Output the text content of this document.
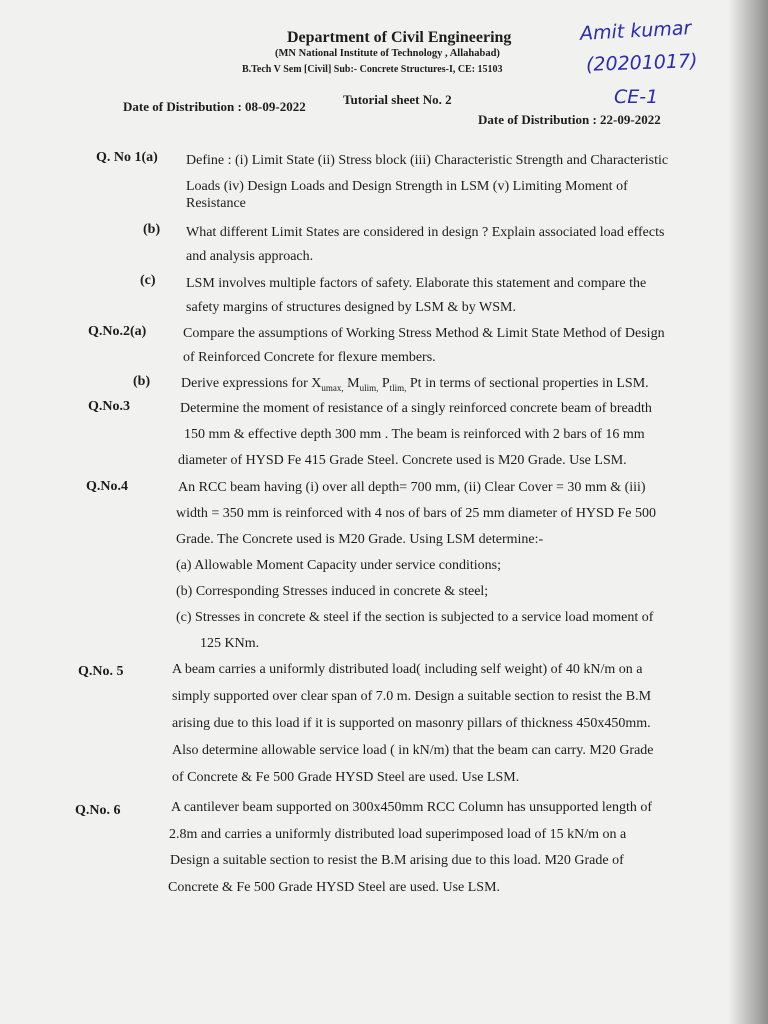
Department of Civil Engineering
(MN National Institute of Technology , Allahabad)
B.Tech V Sem [Civil] Sub:- Concrete Structures-I, CE: 15103
Tutorial sheet No. 2
Date of Distribution : 08-09-2022
Date of Distribution : 22-09-2022
Amit kumar
(20201017)
CE-1
Q. No 1(a) Define : (i) Limit State (ii) Stress block (iii) Characteristic Strength and Characteristic
Loads (iv) Design Loads and Design Strength in LSM (v) Limiting Moment of
Resistance
(b) What different Limit States are considered in design ? Explain associated load effects
and analysis approach.
(c) LSM involves multiple factors of safety. Elaborate this statement and compare the
safety margins of structures designed by LSM & by WSM.
Q.No.2(a)	Compare the assumptions of Working Stress Method & Limit State Method of Design
of Reinforced Concrete for flexure members.
(b) Derive expressions for $X_{umax,}$ $M_{ulim,}$ $P_{tlim,}$ Pt in terms of sectional properties in LSM.
Q.No.3	Determine the moment of resistance of a singly reinforced concrete beam of breadth
150 mm & effective depth 300 mm . The beam is reinforced with 2 bars of 16 mm
diameter of HYSD Fe 415 Grade Steel. Concrete used is M20 Grade. Use LSM.
Q.No.4	An RCC beam having (i) over all depth= 700 mm, (ii) Clear Cover = 30 mm & (iii)
width = 350 mm is reinforced with 4 nos of bars of 25 mm diameter of HYSD Fe 500
Grade. The Concrete used is M20 Grade. Using LSM determine:-
(a) Allowable Moment Capacity under service conditions;
(b) Corresponding Stresses induced in concrete & steel;
(c) Stresses in concrete & steel if the section is subjected to a service load moment of
125 KNm.
Q.No. 5	A beam carries a uniformly distributed load( including self weight) of 40 kN/m on a
simply supported over clear span of 7.0 m. Design a suitable section to resist the B.M
arising due to this load if it is supported on masonry pillars of thickness 450x450mm.
Also determine allowable service load ( in kN/m) that the beam can carry. M20 Grade
of Concrete & Fe 500 Grade HYSD Steel are used. Use LSM.
Q.No. 6	A cantilever beam supported on 300x450mm RCC Column has unsupported length of
2.8m and carries a uniformly distributed load superimposed load of 15 kN/m on a
Design a suitable section to resist the B.M arising due to this load. M20 Grade of
Concrete & Fe 500 Grade HYSD Steel are used. Use LSM.
